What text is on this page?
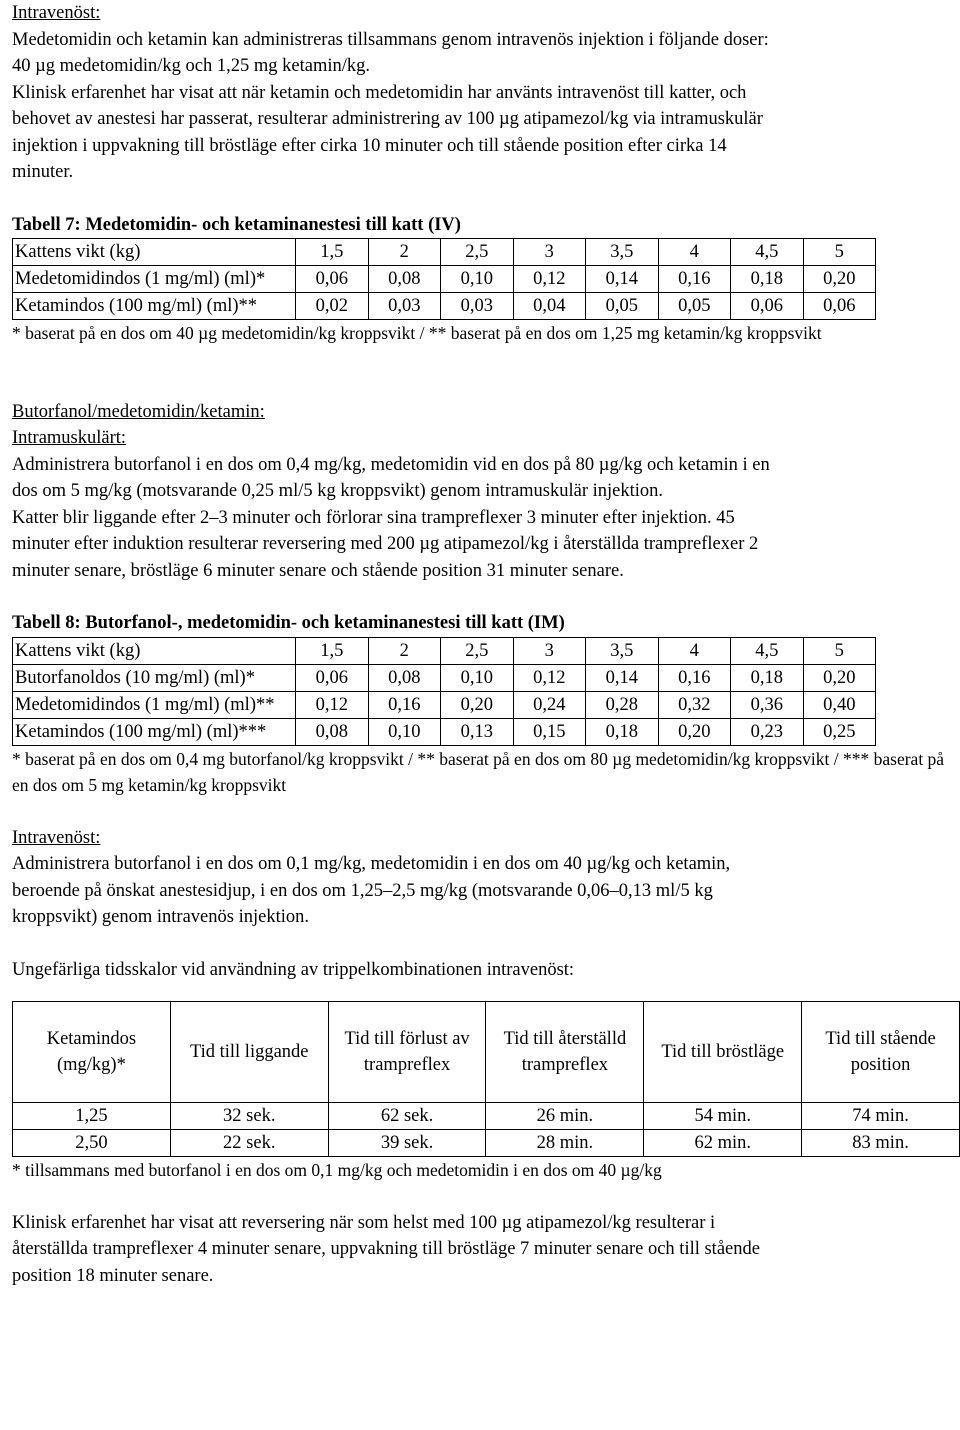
Intravenöst:

Medetomidin och ketamin kan administreras tillsammans genom intravenös injektion i följande doser:

40 µg medetomidin/kg och 1,25 mg ketamin/kg.

Klinisk erfarenhet har visat att när ketamin och medetomidin har använts intravenöst till katter, och

behovet av anestesi har passerat, resulterar administrering av 100 µg atipamezol/kg via intramuskulär

injektion i uppvakning till bröstläge efter cirka 10 minuter och till stående position efter cirka 14

minuter.

Tabell 7: Medetomidin- och ketaminanestesi till katt (IV)

Kattens vikt (kg)	1,5	2	2,5	3	3,5	4	4,5	5
Medetomidindos (1 mg/ml) (ml)*	0,06	0,08	0,10	0,12	0,14	0,16	0,18	0,20
Ketamindos (100 mg/ml) (ml)**	0,02	0,03	0,03	0,04	0,05	0,05	0,06	0,06

* baserat på en dos om 40 µg medetomidin/kg kroppsvikt / ** baserat på en dos om 1,25 mg ketamin/kg kroppsvikt

Butorfanol/medetomidin/ketamin:

Intramuskulärt:

Administrera butorfanol i en dos om 0,4 mg/kg, medetomidin vid en dos på 80 µg/kg och ketamin i en

dos om 5 mg/kg (motsvarande 0,25 ml/5 kg kroppsvikt) genom intramuskulär injektion.

Katter blir liggande efter 2–3 minuter och förlorar sina trampreflexer 3 minuter efter injektion. 45

minuter efter induktion resulterar reversering med 200 µg atipamezol/kg i återställda trampreflexer 2

minuter senare, bröstläge 6 minuter senare och stående position 31 minuter senare.

Tabell 8: Butorfanol-, medetomidin- och ketaminanestesi till katt (IM)

Kattens vikt (kg)	1,5	2	2,5	3	3,5	4	4,5	5
Butorfanoldos (10 mg/ml) (ml)*	0,06	0,08	0,10	0,12	0,14	0,16	0,18	0,20
Medetomidindos (1 mg/ml) (ml)**	0,12	0,16	0,20	0,24	0,28	0,32	0,36	0,40
Ketamindos (100 mg/ml) (ml)***	0,08	0,10	0,13	0,15	0,18	0,20	0,23	0,25

* baserat på en dos om 0,4 mg butorfanol/kg kroppsvikt / ** baserat på en dos om 80 µg medetomidin/kg kroppsvikt / *** baserat på en dos om 5 mg ketamin/kg kroppsvikt

Intravenöst:

Administrera butorfanol i en dos om 0,1 mg/kg, medetomidin i en dos om 40 µg/kg och ketamin,

beroende på önskat anestesidjup, i en dos om 1,25–2,5 mg/kg (motsvarande 0,06–0,13 ml/5 kg

kroppsvikt) genom intravenös injektion.

Ungefärliga tidsskalor vid användning av trippelkombinationen intravenöst:

Ketamindos (mg/kg)*	Tid till liggande	Tid till förlust av trampreflex	Tid till återställd trampreflex	Tid till bröstläge	Tid till stående position
1,25	32 sek.	62 sek.	26 min.	54 min.	74 min.
2,50	22 sek.	39 sek.	28 min.	62 min.	83 min.

* tillsammans med butorfanol i en dos om 0,1 mg/kg och medetomidin i en dos om 40 µg/kg

Klinisk erfarenhet har visat att reversering när som helst med 100 µg atipamezol/kg resulterar i

återställda trampreflexer 4 minuter senare, uppvakning till bröstläge 7 minuter senare och till stående

position 18 minuter senare.
